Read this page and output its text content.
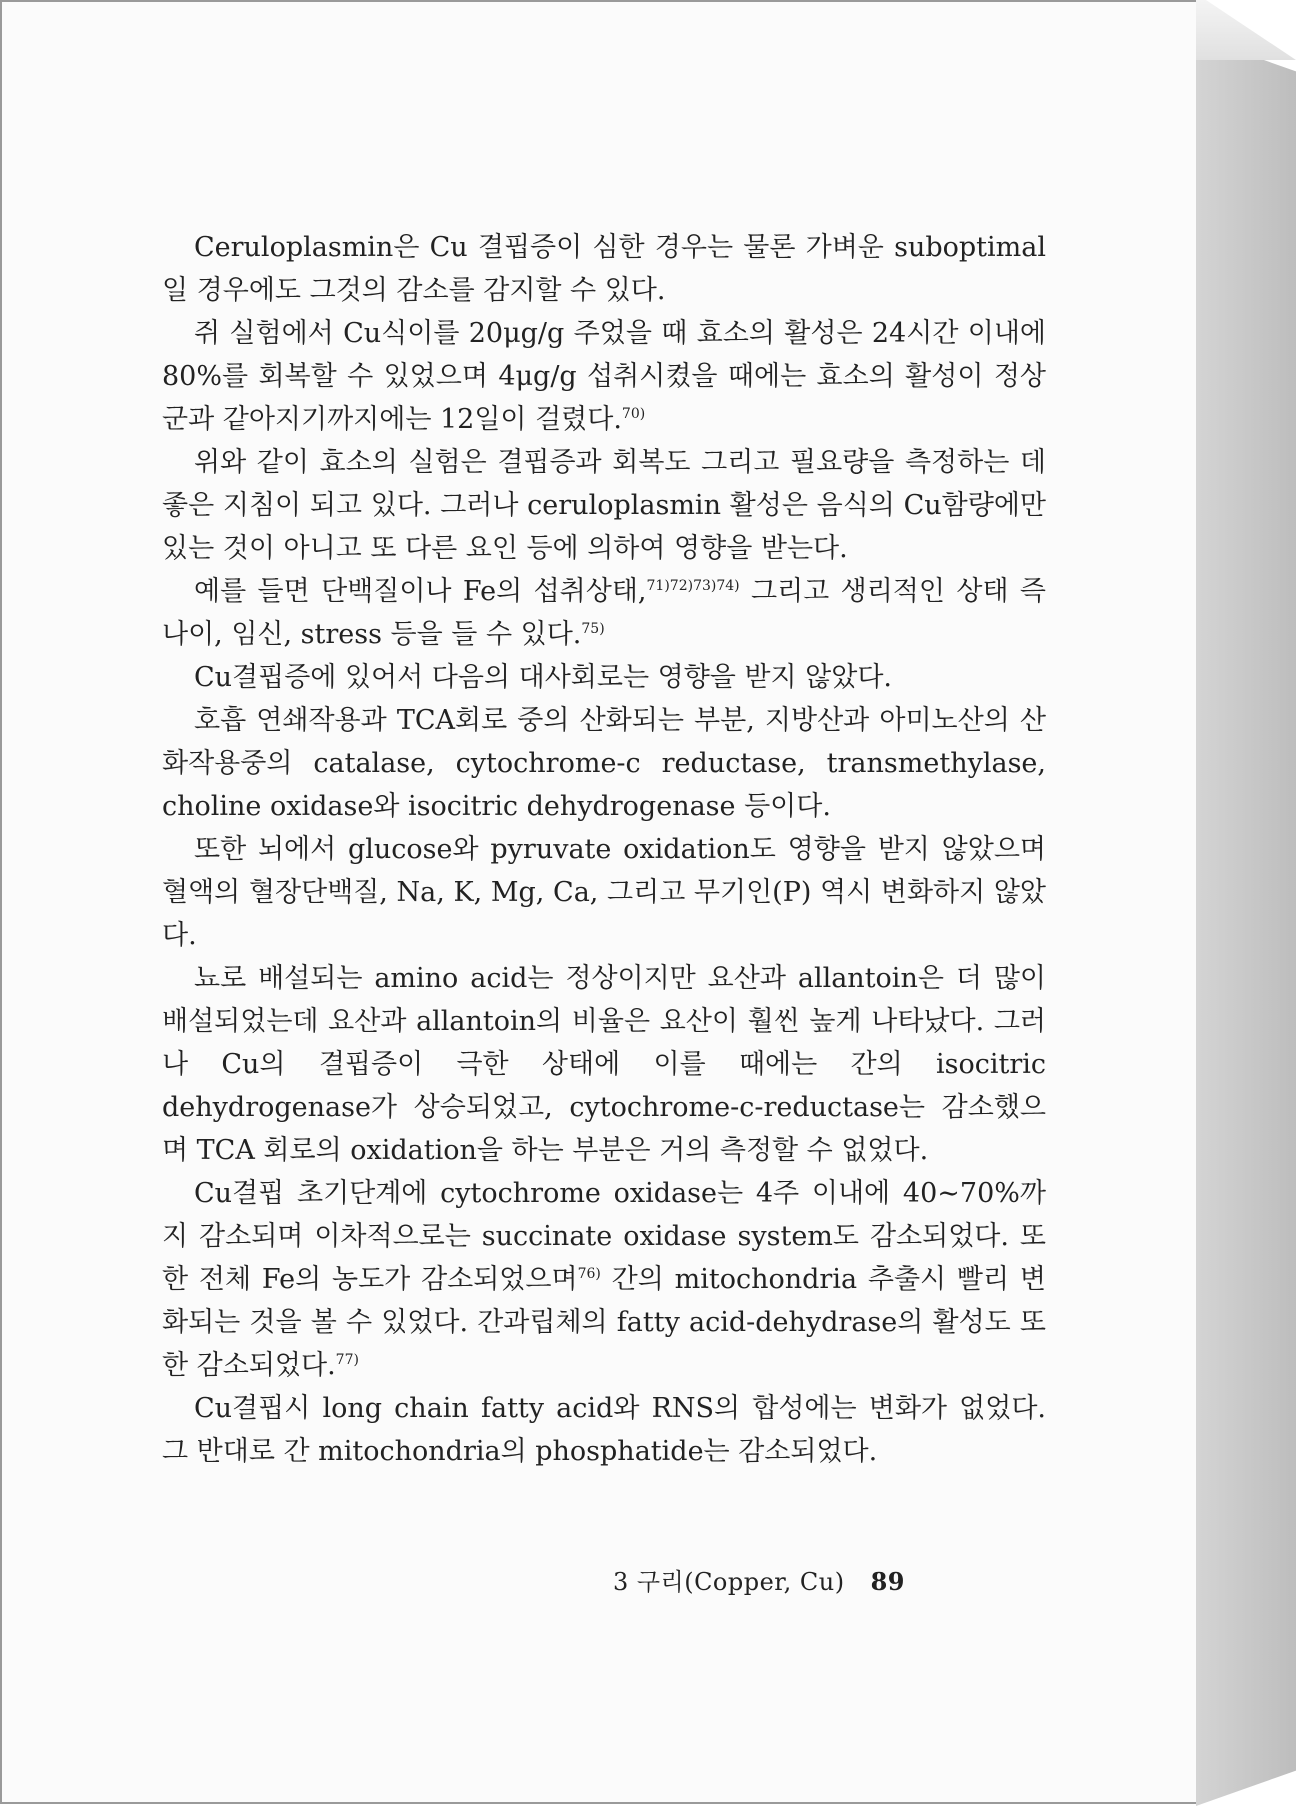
Ceruloplasmin은 Cu 결핍증이 심한 경우는 물론 가벼운 suboptimal일 경우에도 그것의 감소를 감지할 수 있다.

쥐 실험에서 Cu식이를 20μg/g 주었을 때 효소의 활성은 24시간 이내에 80%를 회복할 수 있었으며 4μg/g 섭취시켰을 때에는 효소의 활성이 정상군과 같아지기까지에는 12일이 걸렸다.$^{70)}$

위와 같이 효소의 실험은 결핍증과 회복도 그리고 필요량을 측정하는 데 좋은 지침이 되고 있다. 그러나 ceruloplasmin 활성은 음식의 Cu함량에만 있는 것이 아니고 또 다른 요인 등에 의하여 영향을 받는다.

예를 들면 단백질이나 Fe의 섭취상태,$^{71)72)73)74)}$ 그리고 생리적인 상태 즉 나이, 임신, stress 등을 들 수 있다.$^{75)}$

Cu결핍증에 있어서 다음의 대사회로는 영향을 받지 않았다.

호흡 연쇄작용과 TCA회로 중의 산화되는 부분, 지방산과 아미노산의 산화작용중의 catalase, cytochrome-c reductase, transmethylase, choline oxidase와 isocitric dehydrogenase 등이다.

또한 뇌에서 glucose와 pyruvate oxidation도 영향을 받지 않았으며 혈액의 혈장단백질, Na, K, Mg, Ca, 그리고 무기인(P) 역시 변화하지 않았다.

뇨로 배설되는 amino acid는 정상이지만 요산과 allantoin은 더 많이 배설되었는데 요산과 allantoin의 비율은 요산이 훨씬 높게 나타났다. 그러나 Cu의 결핍증이 극한 상태에 이를 때에는 간의 isocitric dehydrogenase가 상승되었고, cytochrome-c-reductase는 감소했으며 TCA 회로의 oxidation을 하는 부분은 거의 측정할 수 없었다.

Cu결핍 초기단계에 cytochrome oxidase는 4주 이내에 40∼70%까지 감소되며 이차적으로는 succinate oxidase system도 감소되었다. 또한 전체 Fe의 농도가 감소되었으며$^{76)}$ 간의 mitochondria 추출시 빨리 변화되는 것을 볼 수 있었다. 간과립체의 fatty acid-dehydrase의 활성도 또한 감소되었다.$^{77)}$

Cu결핍시 long chain fatty acid와 RNS의 합성에는 변화가 없었다. 그 반대로 간 mitochondria의 phosphatide는 감소되었다.

3 구리(Copper, Cu) 89
